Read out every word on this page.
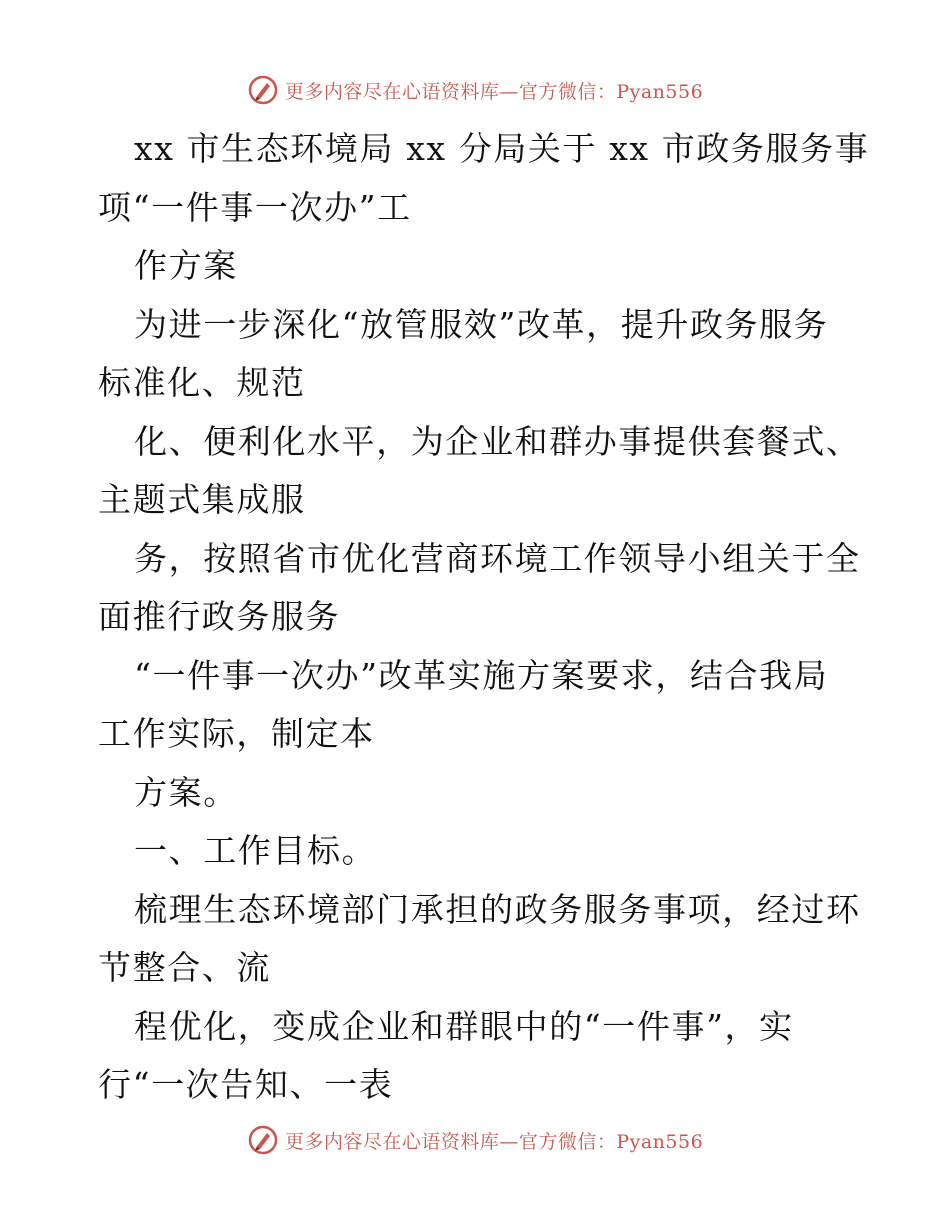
更多内容尽在心语资料库—官方微信：Pyan556
xx 市生态环境局 xx 分局关于 xx 市政务服务事
项“一件事一次办”工
作方案
为进一步深化“放管服效”改革，提升政务服务
标准化、规范
化、便利化水平，为企业和群办事提供套餐式、
主题式集成服
务，按照省市优化营商环境工作领导小组关于全
面推行政务服务
“一件事一次办”改革实施方案要求，结合我局
工作实际，制定本
方案。
一、工作目标。
梳理生态环境部门承担的政务服务事项，经过环
节整合、流
程优化，变成企业和群眼中的“一件事”，实
行“一次告知、一表
更多内容尽在心语资料库—官方微信：Pyan556
